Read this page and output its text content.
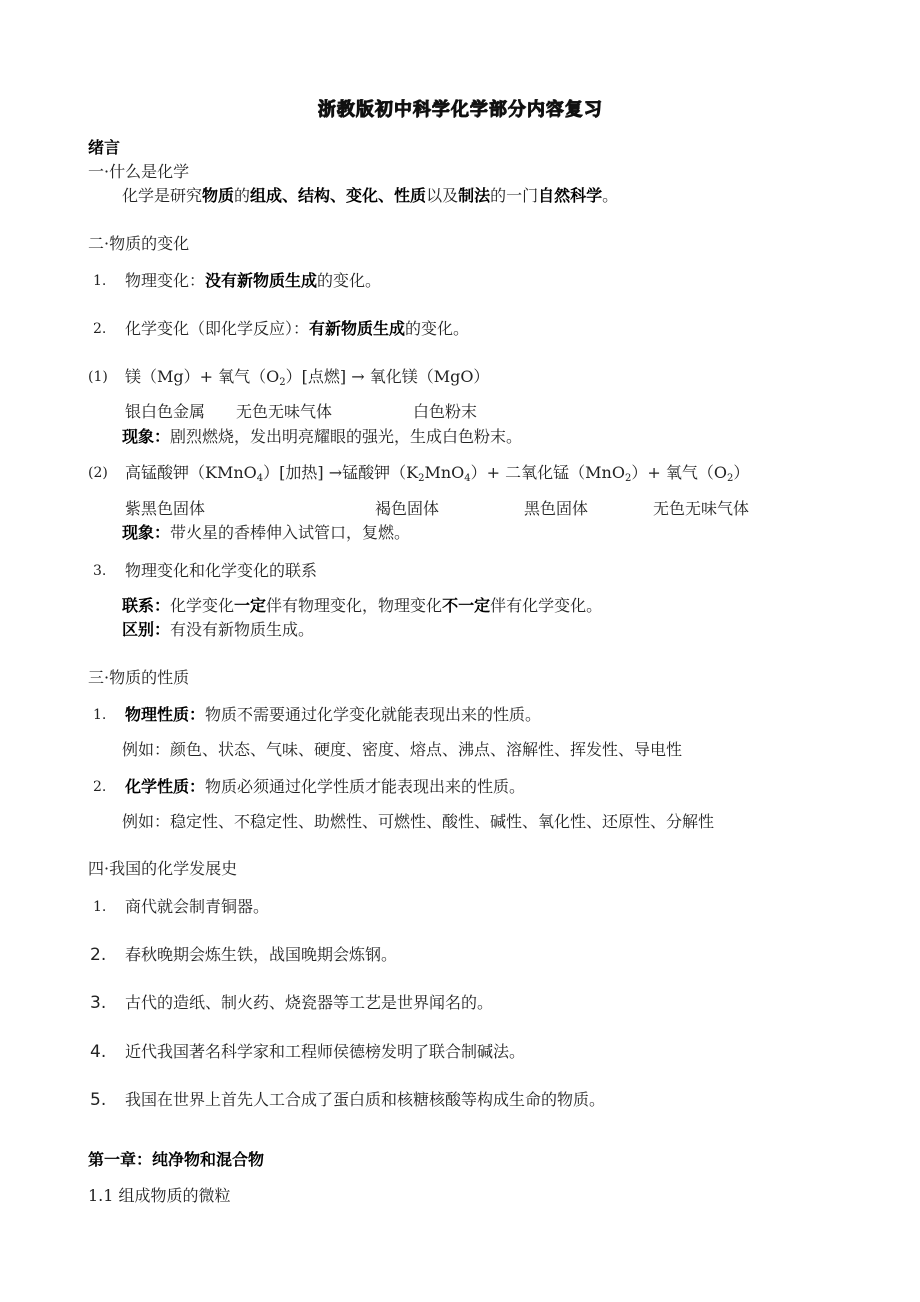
浙教版初中科学化学部分内容复习
绪言
一·什么是化学
化学是研究物质的组成、结构、变化、性质以及制法的一门自然科学。
二·物质的变化
1. 物理变化：没有新物质生成的变化。
2. 化学变化（即化学反应）：有新物质生成的变化。
(1) 镁（Mg）+ 氧气$(O_2)$[点燃] → 氧化镁（MgO）
银白色金属 无色无味气体	白色粉末
现象：剧烈燃烧，发出明亮耀眼的强光，生成白色粉末。
(2) 高锰酸钾（KMnO$_4$）[加热] →锰酸钾$(K_2MnO_4)+$ 二氧化锰（MnO$_2$）+ 氧气$(O_2)$
紫黑色固体	褐色固体	黑色固体	无色无味气体
现象：带火星的香棒伸入试管口，复燃。
3. 物理变化和化学变化的联系
联系：化学变化一定伴有物理变化，物理变化不一定伴有化学变化。
区别：有没有新物质生成。
三·物质的性质
1. 物理性质：物质不需要通过化学变化就能表现出来的性质。
例如：颜色、状态、气味、硬度、密度、熔点、沸点、溶解性、挥发性、导电性
2. 化学性质：物质必须通过化学性质才能表现出来的性质。
例如：稳定性、不稳定性、助燃性、可燃性、酸性、碱性、氧化性、还原性、分解性
四·我国的化学发展史
1. 商代就会制青铜器。
2. 春秋晚期会炼生铁，战国晚期会炼钢。
3. 古代的造纸、制火药、烧瓷器等工艺是世界闻名的。
4. 近代我国著名科学家和工程师侯德榜发明了联合制碱法。
5. 我国在世界上首先人工合成了蛋白质和核糖核酸等构成生命的物质。
第一章：纯净物和混合物
1.1 组成物质的微粒
